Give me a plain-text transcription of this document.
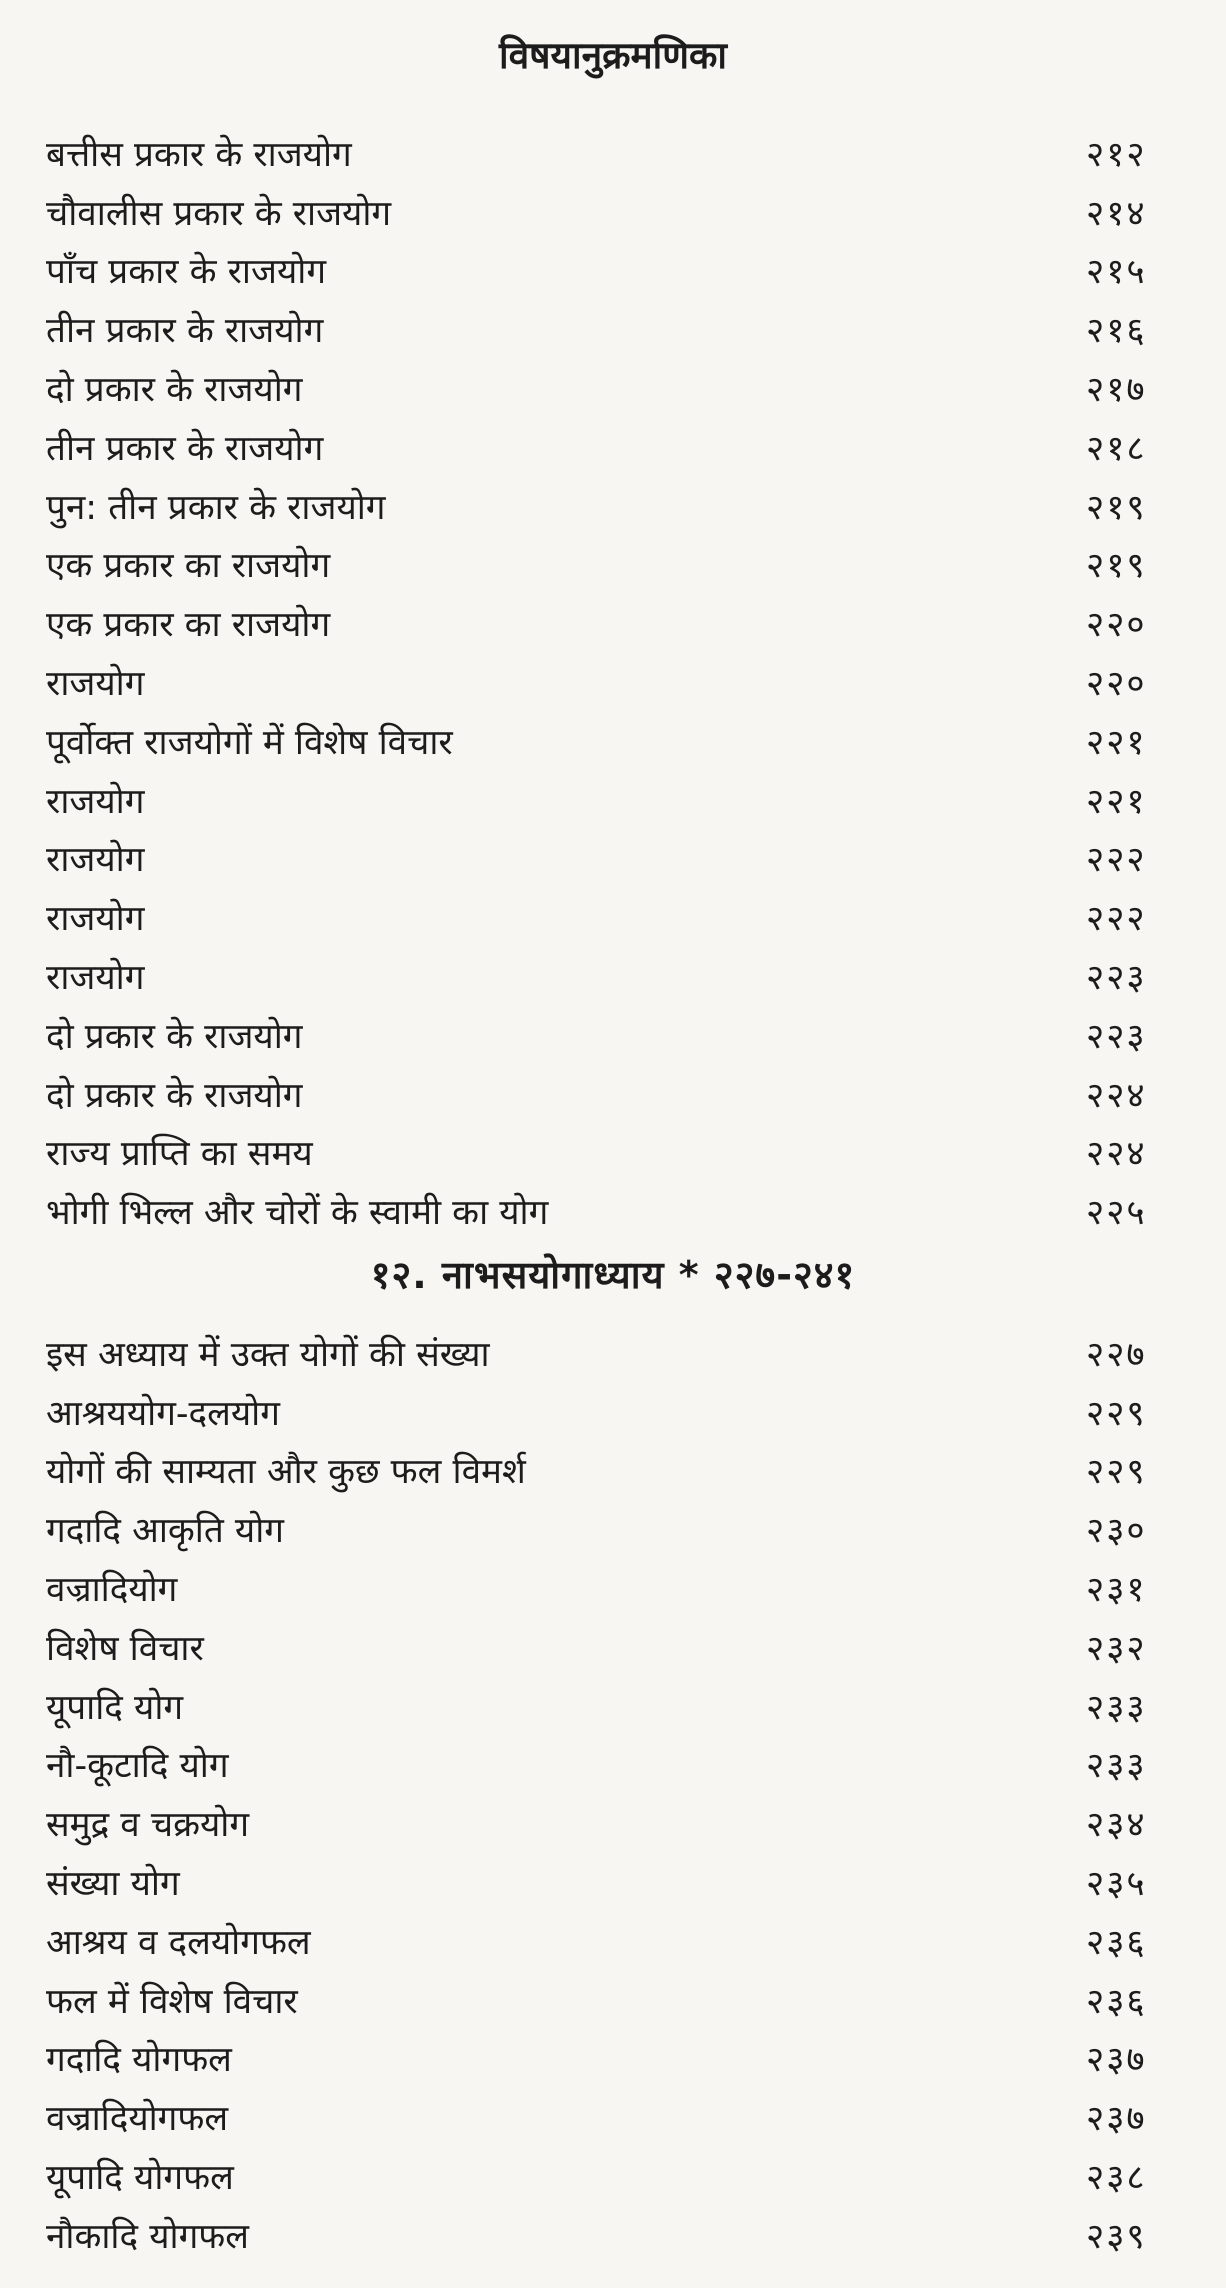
विषयानुक्रमणिका
बत्तीस प्रकार के राजयोग	२१२
चौवालीस प्रकार के राजयोग	२१४
पाँच प्रकार के राजयोग	२१५
तीन प्रकार के राजयोग	२१६
दो प्रकार के राजयोग	२१७
तीन प्रकार के राजयोग	२१८
पुन: तीन प्रकार के राजयोग	२१९
एक प्रकार का राजयोग	२१९
एक प्रकार का राजयोग	२२०
राजयोग	२२०
पूर्वोक्त राजयोगों में विशेष विचार	२२१
राजयोग	२२१
राजयोग	२२२
राजयोग	२२२
राजयोग	२२३
दो प्रकार के राजयोग	२२३
दो प्रकार के राजयोग	२२४
राज्य प्राप्ति का समय	२२४
भोगी भिल्ल और चोरों के स्वामी का योग	२२५
१२. नाभसयोगाध्याय * २२७-२४१
इस अध्याय में उक्त योगों की संख्या	२२७
आश्रययोग-दलयोग	२२९
योगों की साम्यता और कुछ फल विमर्श	२२९
गदादि आकृति योग	२३०
वज्रादियोग	२३१
विशेष विचार	२३२
यूपादि योग	२३३
नौ-कूटादि योग	२३३
समुद्र व चक्रयोग	२३४
संख्या योग	२३५
आश्रय व दलयोगफल	२३६
फल में विशेष विचार	२३६
गदादि योगफल	२३७
वज्रादियोगफल	२३७
यूपादि योगफल	२३८
नौकादि योगफल	२३९
